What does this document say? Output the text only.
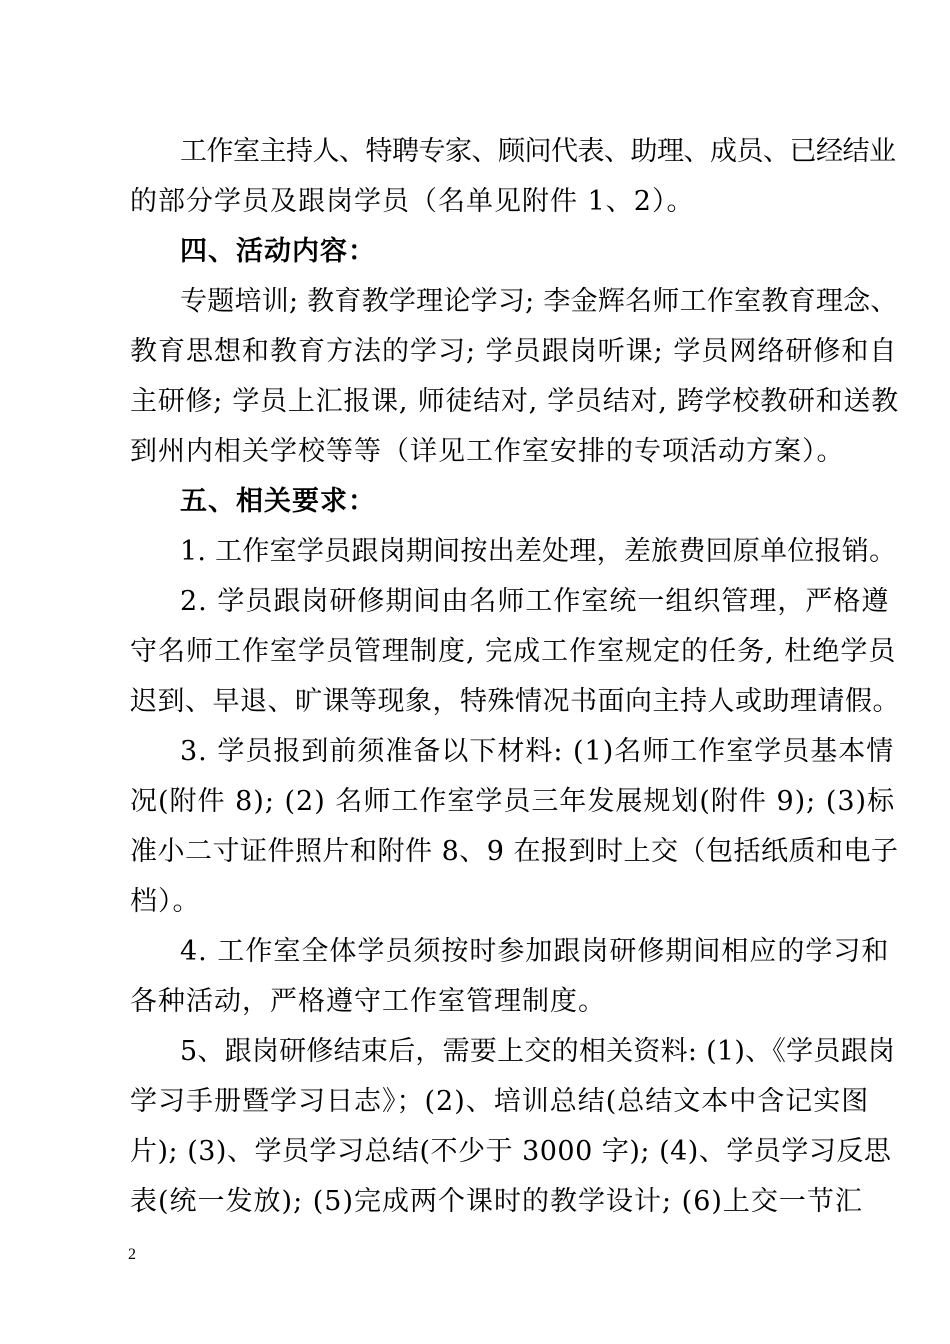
工作室主持人、特聘专家、顾问代表、助理、成员、已经结业
的部分学员及跟岗学员（名单见附件 1、2）。
四、活动内容：
专题培训; 教育教学理论学习; 李金辉名师工作室教育理念、
教育思想和教育方法的学习; 学员跟岗听课; 学员网络研修和自
主研修; 学员上汇报课, 师徒结对, 学员结对, 跨学校教研和送教
到州内相关学校等等（详见工作室安排的专项活动方案）。
五、相关要求：
1. 工作室学员跟岗期间按出差处理，差旅费回原单位报销。
2. 学员跟岗研修期间由名师工作室统一组织管理，严格遵
守名师工作室学员管理制度, 完成工作室规定的任务, 杜绝学员
迟到、早退、旷课等现象，特殊情况书面向主持人或助理请假。
3. 学员报到前须准备以下材料: (1)名师工作室学员基本情
况(附件 8); (2) 名师工作室学员三年发展规划(附件 9); (3)标
准小二寸证件照片和附件 8、9 在报到时上交（包括纸质和电子
档）。
4. 工作室全体学员须按时参加跟岗研修期间相应的学习和
各种活动，严格遵守工作室管理制度。
5、跟岗研修结束后，需要上交的相关资料: (1)、《学员跟岗
学习手册暨学习日志》；(2)、培训总结(总结文本中含记实图
片); (3)、学员学习总结(不少于 3000 字); (4)、学员学习反思
表(统一发放); (5)完成两个课时的教学设计; (6)上交一节汇
2
